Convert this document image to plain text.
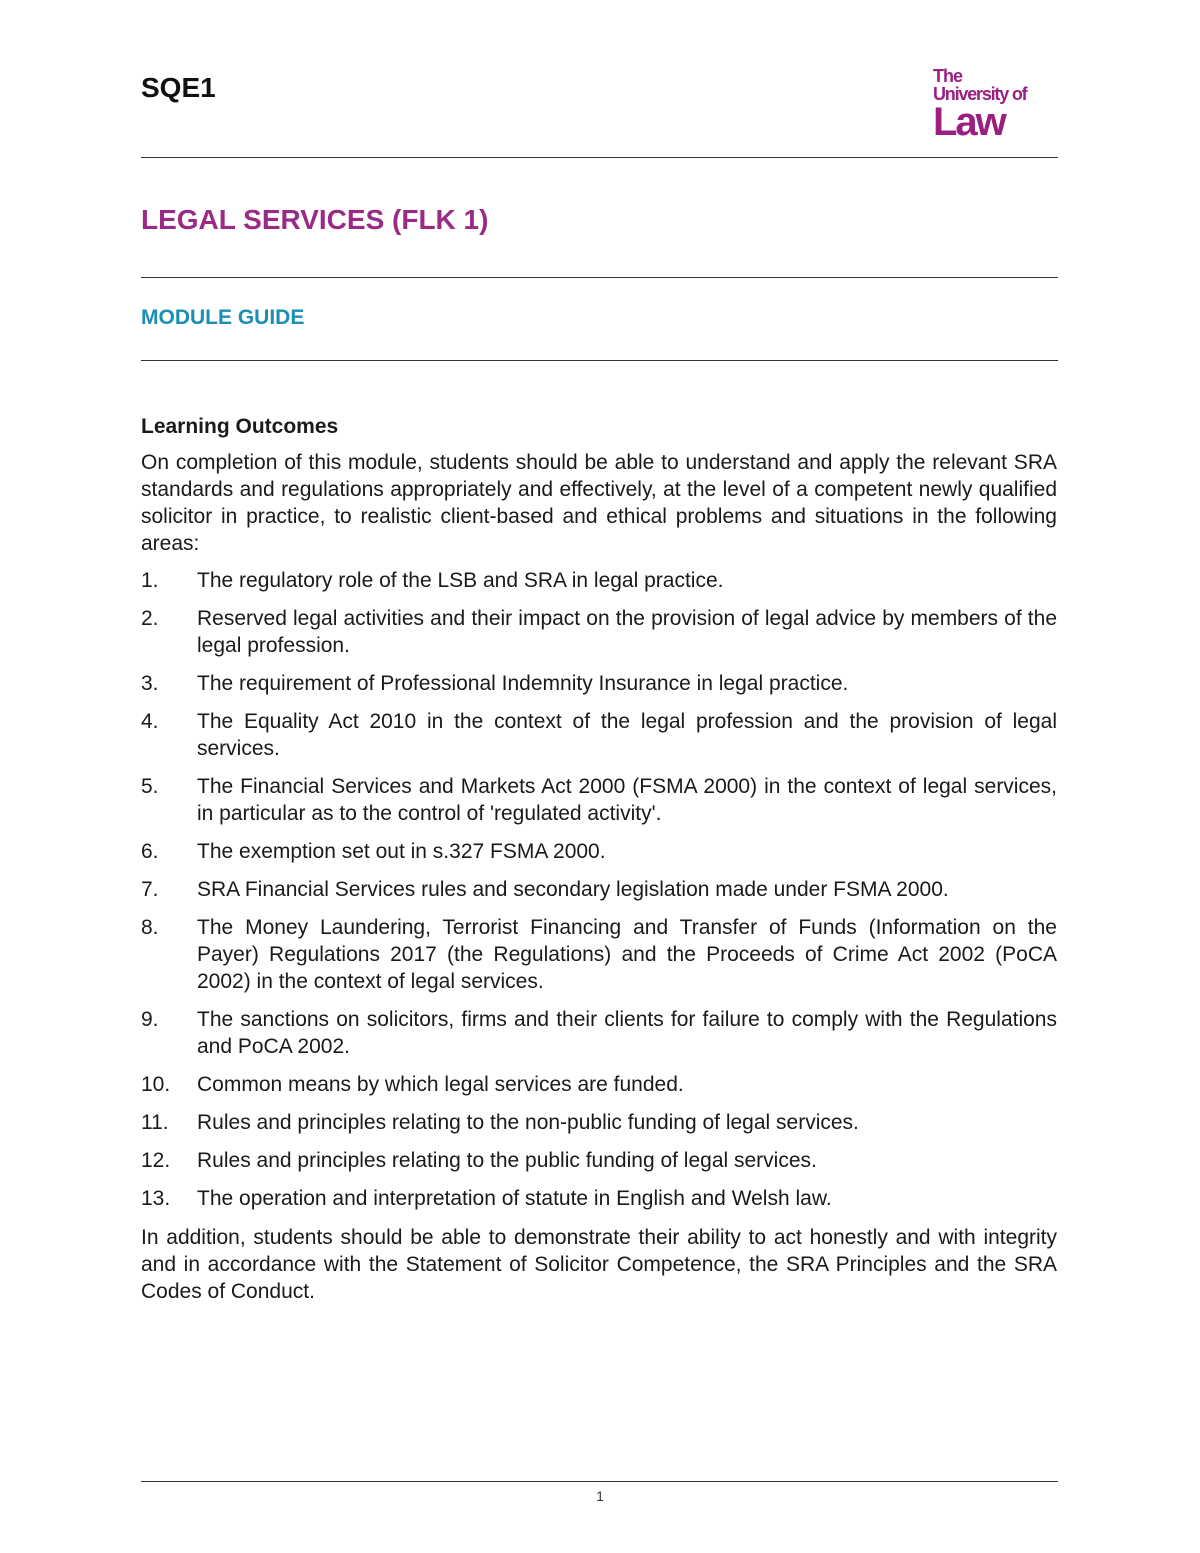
SQE1	The
University of
Law
LEGAL SERVICES (FLK 1)
MODULE GUIDE
Learning Outcomes
On completion of this module, students should be able to understand and apply the relevant SRA standards and regulations appropriately and effectively, at the level of a competent newly qualified solicitor in practice, to realistic client-based and ethical problems and situations in the following areas:
1.	The regulatory role of the LSB and SRA in legal practice.
2.	Reserved legal activities and their impact on the provision of legal advice by members of the legal profession.
3.	The requirement of Professional Indemnity Insurance in legal practice.
4.	The Equality Act 2010 in the context of the legal profession and the provision of legal services.
5.	The Financial Services and Markets Act 2000 (FSMA 2000) in the context of legal services, in particular as to the control of 'regulated activity'.
6.	The exemption set out in s.327 FSMA 2000.
7.	SRA Financial Services rules and secondary legislation made under FSMA 2000.
8.	The Money Laundering, Terrorist Financing and Transfer of Funds (Information on the Payer) Regulations 2017 (the Regulations) and the Proceeds of Crime Act 2002 (PoCA 2002) in the context of legal services.
9.	The sanctions on solicitors, firms and their clients for failure to comply with the Regulations and PoCA 2002.
10.	Common means by which legal services are funded.
11.	Rules and principles relating to the non-public funding of legal services.
12.	Rules and principles relating to the public funding of legal services.
13.	The operation and interpretation of statute in English and Welsh law.
In addition, students should be able to demonstrate their ability to act honestly and with integrity and in accordance with the Statement of Solicitor Competence, the SRA Principles and the SRA Codes of Conduct.
1
